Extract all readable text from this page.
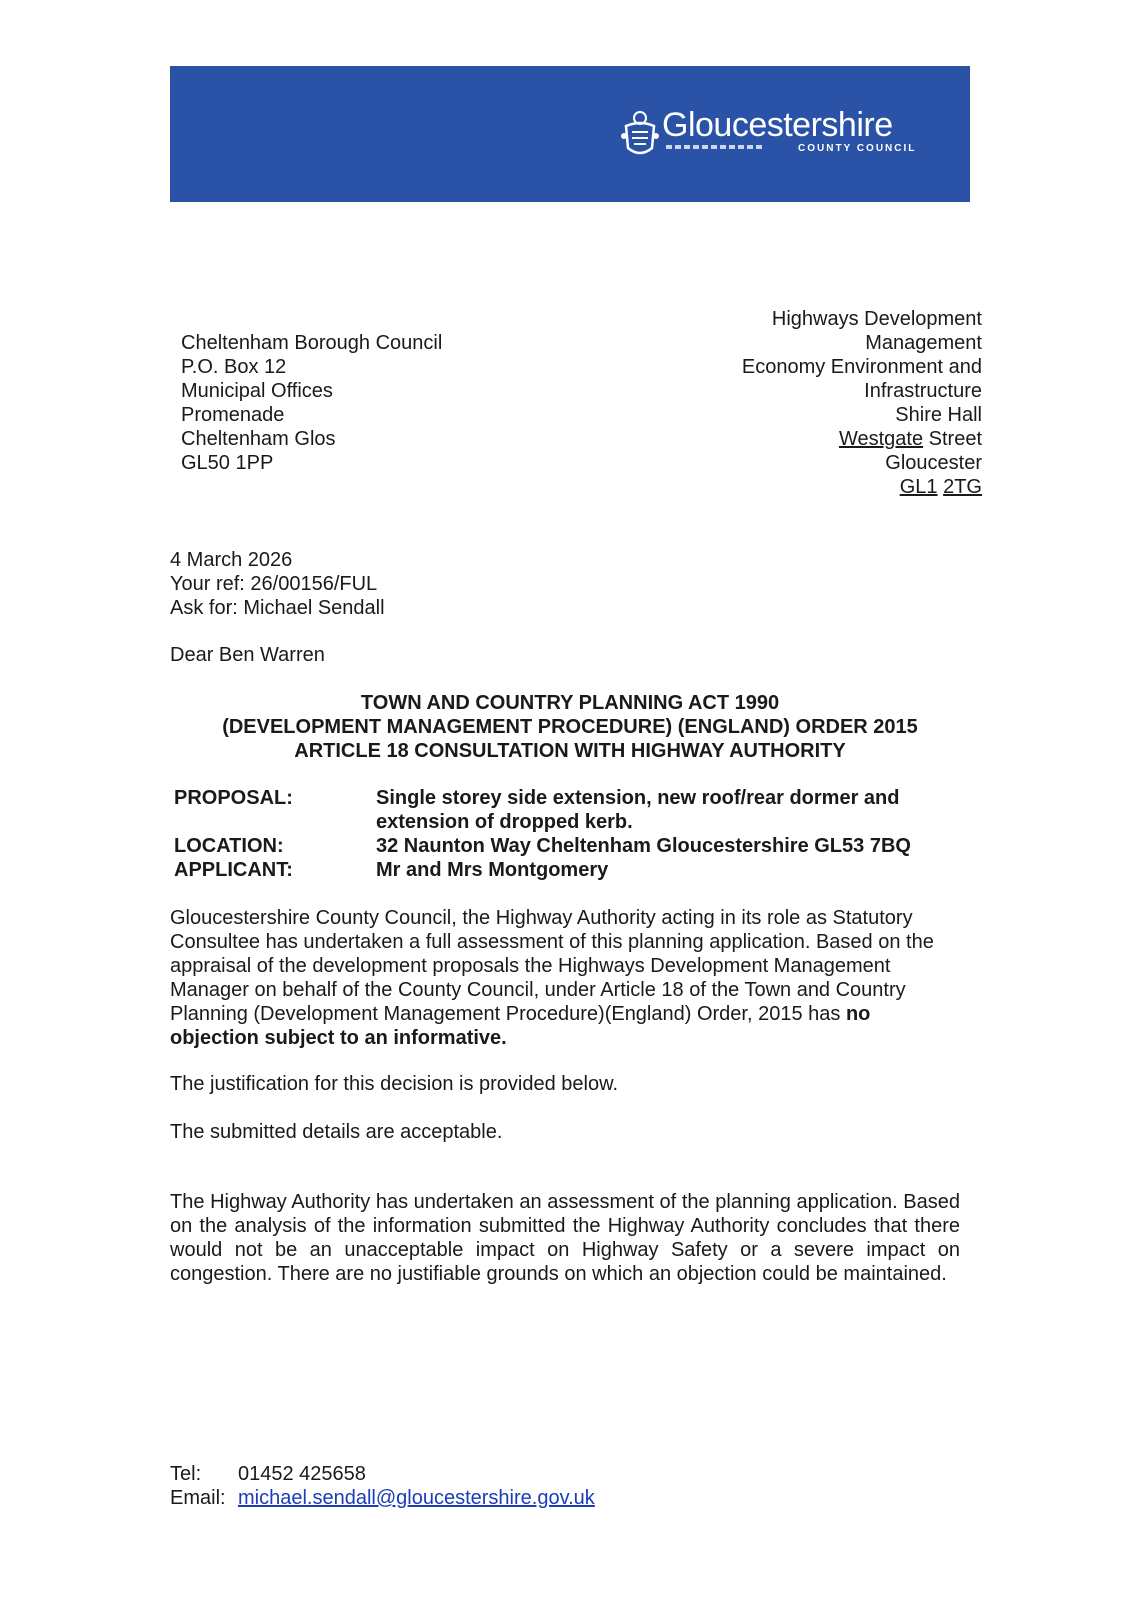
Gloucestershire
COUNTY COUNCIL
Cheltenham Borough Council
P.O. Box 12
Municipal Offices
Promenade
Cheltenham Glos
GL50 1PP
Highways Development
Management
Economy Environment and
Infrastructure
Shire Hall
Westgate Street
Gloucester
GL1 2TG
4 March 2026
Your ref: 26/00156/FUL
Ask for: Michael Sendall
Dear Ben Warren
TOWN AND COUNTRY PLANNING ACT 1990
(DEVELOPMENT MANAGEMENT PROCEDURE) (ENGLAND) ORDER 2015
ARTICLE 18 CONSULTATION WITH HIGHWAY AUTHORITY
PROPOSAL:	Single storey side extension, new roof/rear dormer and extension of dropped kerb.
LOCATION:	32 Naunton Way Cheltenham Gloucestershire GL53 7BQ
APPLICANT:	Mr and Mrs Montgomery
Gloucestershire County Council, the Highway Authority acting in its role as Statutory Consultee has undertaken a full assessment of this planning application. Based on the appraisal of the development proposals the Highways Development Management Manager on behalf of the County Council, under Article 18 of the Town and Country Planning (Development Management Procedure)(England) Order, 2015 has no objection subject to an informative.
The justification for this decision is provided below.
The submitted details are acceptable.
The Highway Authority has undertaken an assessment of the planning application. Based on the analysis of the information submitted the Highway Authority concludes that there would not be an unacceptable impact on Highway Safety or a severe impact on congestion. There are no justifiable grounds on which an objection could be maintained.
Tel: 01452 425658
Email: michael.sendall@gloucestershire.gov.uk
